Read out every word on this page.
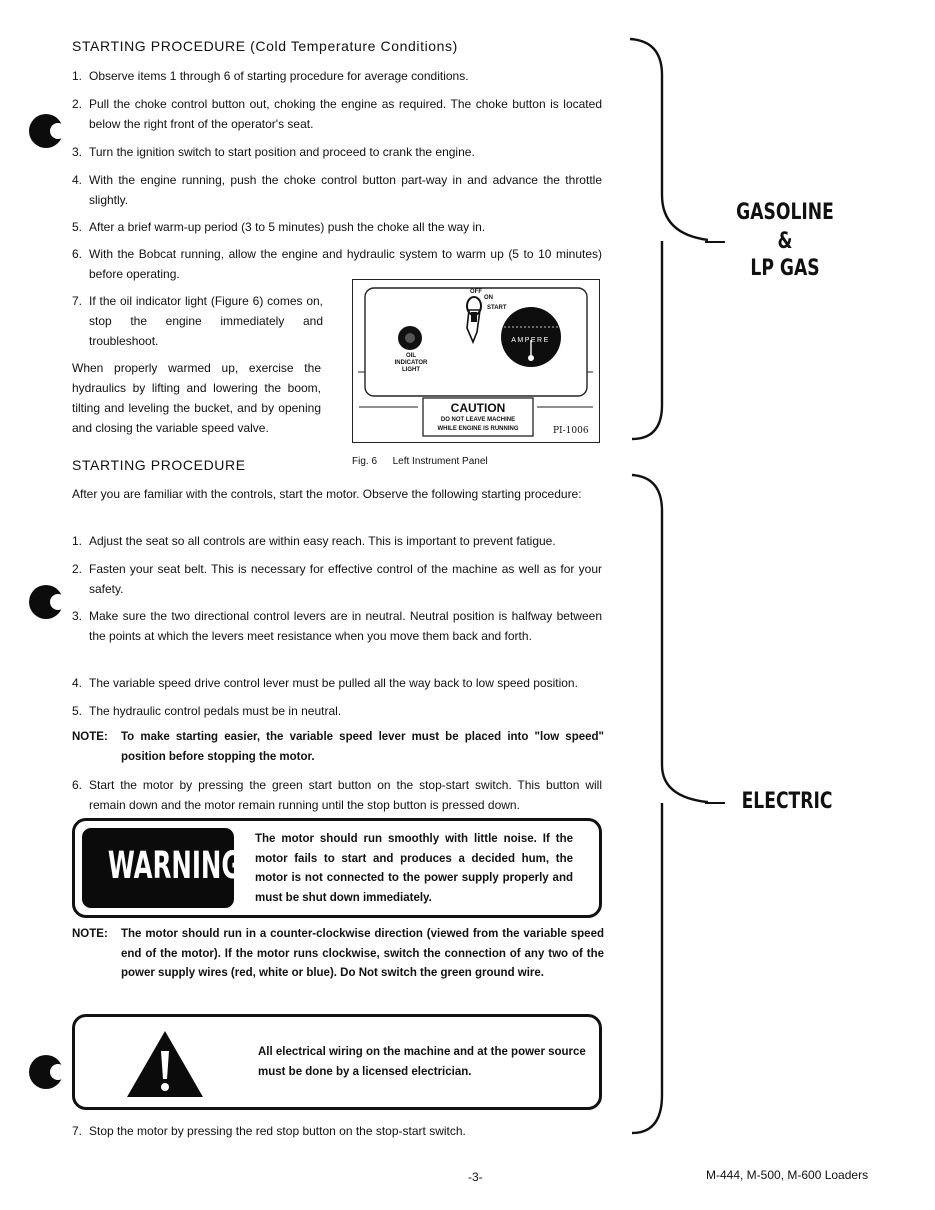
STARTING PROCEDURE (Cold Temperature Conditions)
1. Observe items 1 through 6 of starting procedure for average conditions.
2. Pull the choke control button out, choking the engine as required. The choke button is located below the right front of the operator's seat.
3. Turn the ignition switch to start position and proceed to crank the engine.
4. With the engine running, push the choke control button part-way in and advance the throttle slightly.
5. After a brief warm-up period (3 to 5 minutes) push the choke all the way in.
6. With the Bobcat running, allow the engine and hydraulic system to warm up (5 to 10 minutes) before operating.
7. If the oil indicator light (Figure 6) comes on, stop the engine immediately and troubleshoot.
When properly warmed up, exercise the hydraulics by lifting and lowering the boom, tilting and leveling the bucket, and by opening and closing the variable speed valve.
OFF
ON
START
AMPERE
OIL INDICATOR LIGHT
CAUTION
DO NOT LEAVE MACHINE
WHILE ENGINE IS RUNNING	PI-1006
Fig. 6 Left Instrument Panel
STARTING PROCEDURE
After you are familiar with the controls, start the motor. Observe the following starting procedure:
1. Adjust the seat so all controls are within easy reach. This is important to prevent fatigue.
2. Fasten your seat belt. This is necessary for effective control of the machine as well as for your safety.
3. Make sure the two directional control levers are in neutral. Neutral position is halfway between the points at which the levers meet resistance when you move them back and forth.
4. The variable speed drive control lever must be pulled all the way back to low speed position.
5. The hydraulic control pedals must be in neutral.
NOTE: To make starting easier, the variable speed lever must be placed into "low speed" position before stopping the motor.
6. Start the motor by pressing the green start button on the stop-start switch. This button will remain down and the motor remain running until the stop button is pressed down.
WARNING
The motor should run smoothly with little noise. If the motor fails to start and produces a decided hum, the motor is not connected to the power supply properly and must be shut down immediately.
NOTE: The motor should run in a counter-clockwise direction (viewed from the variable speed end of the motor). If the motor runs clockwise, switch the connection of any two of the power supply wires (red, white or blue). Do Not switch the green ground wire.
All electrical wiring on the machine and at the power source must be done by a licensed electrician.
7. Stop the motor by pressing the red stop button on the stop-start switch.
GASOLINE
&
LP GAS
ELECTRIC
-3-	M-444, M-500, M-600 Loaders
